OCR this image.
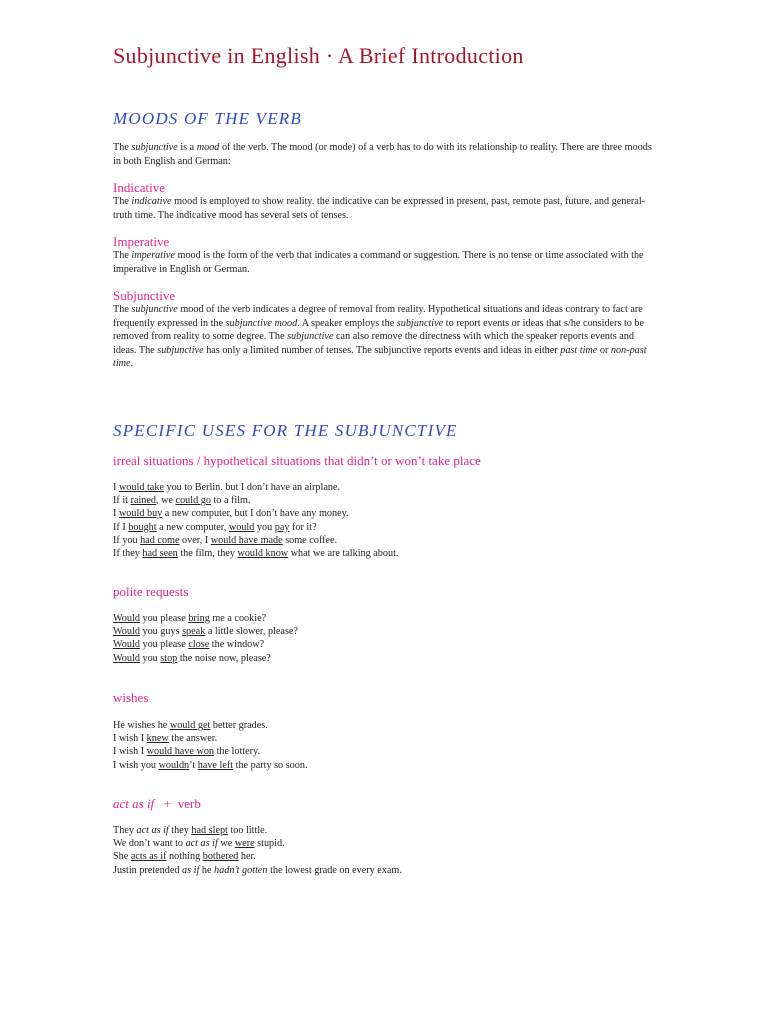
Subjunctive in English · A Brief Introduction
MOODS OF THE VERB

The subjunctive is a mood of the verb. The mood (or mode) of a verb has to do with its relationship to reality. There are three moods in both English and German:

Indicative

The indicative mood is employed to show reality. the indicative can be expressed in present, past, remote past, future, and general-truth time. The indicative mood has several sets of tenses.

Imperative

The imperative mood is the form of the verb that indicates a command or suggestion. There is no tense or time associated with the imperative in English or German.

Subjunctive

The subjunctive mood of the verb indicates a degree of removal from reality. Hypothetical situations and ideas contrary to fact are frequently expressed in the subjunctive mood. A speaker employs the subjunctive to report events or ideas that s/he considers to be removed from reality to some degree. The subjunctive can also remove the directness with which the speaker reports events and ideas. The subjunctive has only a limited number of tenses. The subjunctive reports events and ideas in either past time or non-past time.

SPECIFIC USES FOR THE SUBJUNCTIVE
irreal situations / hypothetical situations that didn’t or won’t take place
I would take you to Berlin. but I don’t have an airplane.
If it rained, we could go to a film.
I would buy a new computer, but I don’t have any money.
If I bought a new computer, would you pay for it?
If you had come over, I would have made some coffee.
If they had seen the film, they would know what we are talking about.
polite requests
Would you please bring me a cookie?
Would you guys speak a little slower, please?
Would you please close the window?
Would you stop the noise now, please?
wishes
He wishes he would get better grades.
I wish I knew the answer.
I wish I would have won the lottery.
I wish you wouldn’t have left the party so soon.
act as if + verb
They act as if they had slept too little.
We don’t want to act as if we were stupid.
She acts as if nothing bothered her.
Justin pretended as if he hadn’t gotten the lowest grade on every exam.
